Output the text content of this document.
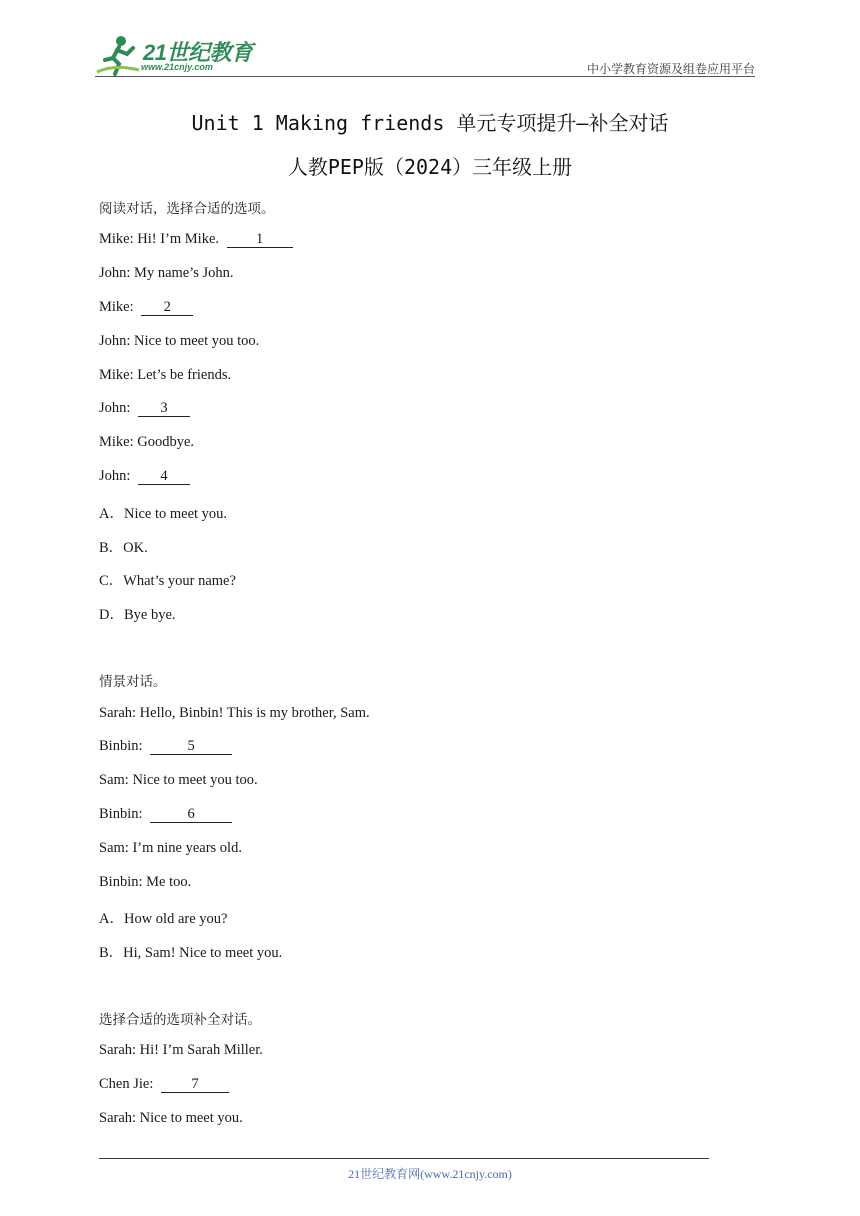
21世纪教育
www.21cnjy.com	中小学教育资源及组卷应用平台
Unit 1 Making friends 单元专项提升—补全对话
人教PEP版（2024）三年级上册
阅读对话，选择合适的选项。
Mike: Hi! I’m Mike.	1
John: My name’s John.
Mike: 2
John: Nice to meet you too.
Mike: Let’s be friends.
John: 3
Mike: Goodbye.
John: 4
A．Nice to meet you.
B．OK.
C．What’s your name?
D．Bye bye.
情景对话。
Sarah: Hello, Binbin! This is my brother, Sam.
Binbin:	5
Sam: Nice to meet you too.
Binbin:	6
Sam: I’m nine years old.
Binbin: Me too.
A．How old are you?
B．Hi, Sam! Nice to meet you.
选择合适的选项补全对话。
Sarah: Hi! I’m Sarah Miller.
Chen Jie:	7
Sarah: Nice to meet you.
21世纪教育网(www.21cnjy.com)
